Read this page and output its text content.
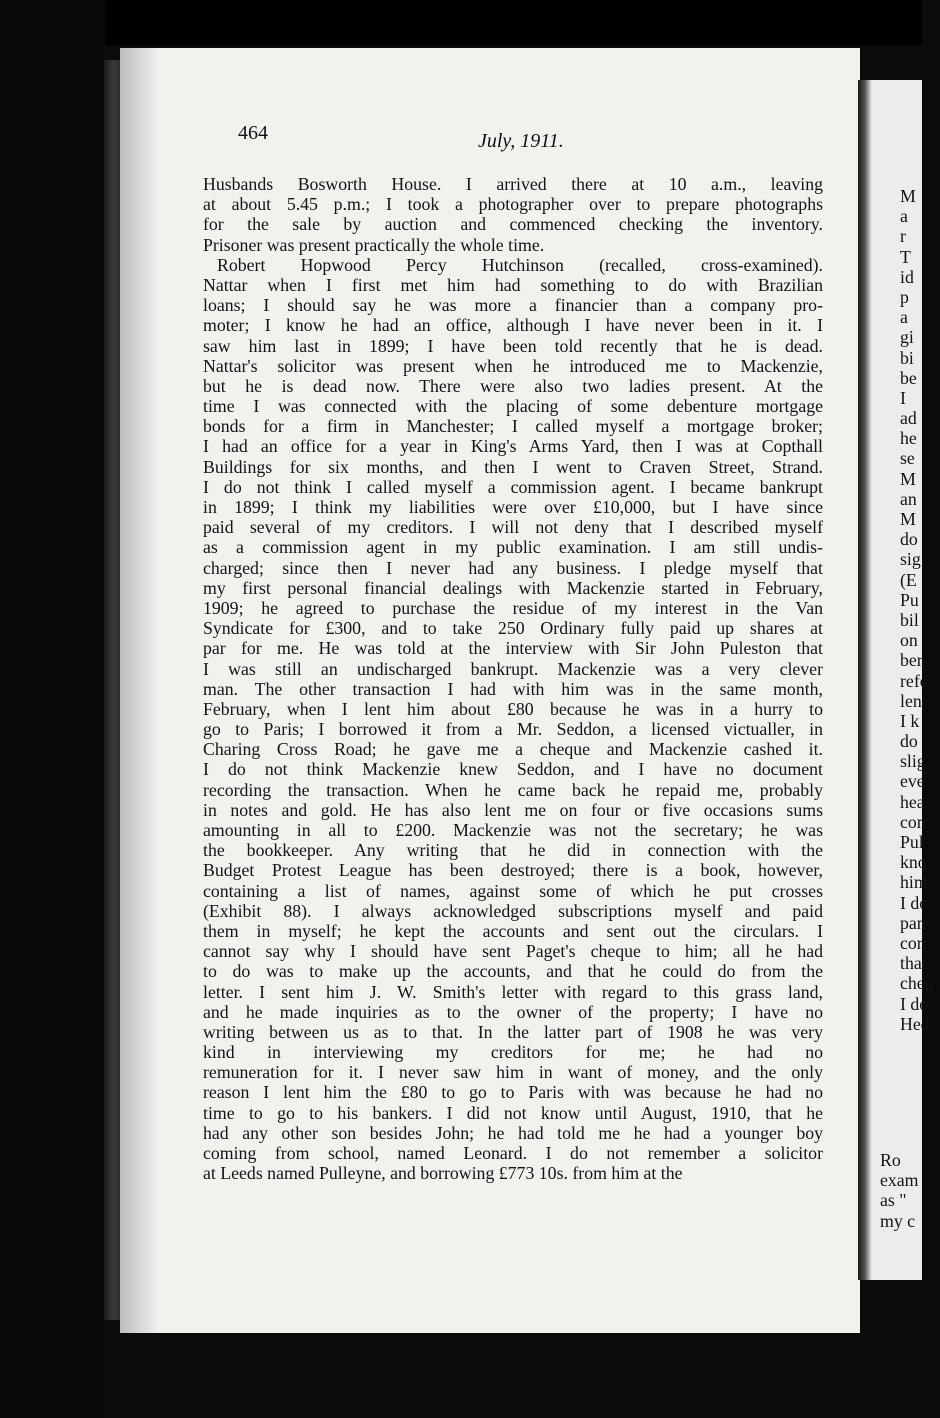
464	July, 1911.
Husbands Bosworth House. I arrived there at 10 a.m., leaving
at about 5.45 p.m.; I took a photographer over to prepare photographs
for the sale by auction and commenced checking the inventory.
Prisoner was present practically the whole time.
Robert Hopwood Percy Hutchinson (recalled, cross-examined).
Nattar when I first met him had something to do with Brazilian
loans; I should say he was more a financier than a company pro-
moter; I know he had an office, although I have never been in it. I
saw him last in 1899; I have been told recently that he is dead.
Nattar's solicitor was present when he introduced me to Mackenzie,
but he is dead now. There were also two ladies present. At the
time I was connected with the placing of some debenture mortgage
bonds for a firm in Manchester; I called myself a mortgage broker;
I had an office for a year in King's Arms Yard, then I was at Copthall
Buildings for six months, and then I went to Craven Street, Strand.
I do not think I called myself a commission agent. I became bankrupt
in 1899; I think my liabilities were over £10,000, but I have since
paid several of my creditors. I will not deny that I described myself
as a commission agent in my public examination. I am still undis-
charged; since then I never had any business. I pledge myself that
my first personal financial dealings with Mackenzie started in February,
1909; he agreed to purchase the residue of my interest in the Van
Syndicate for £300, and to take 250 Ordinary fully paid up shares at
par for me. He was told at the interview with Sir John Puleston that
I was still an undischarged bankrupt. Mackenzie was a very clever
man. The other transaction I had with him was in the same month,
February, when I lent him about £80 because he was in a hurry to
go to Paris; I borrowed it from a Mr. Seddon, a licensed victualler, in
Charing Cross Road; he gave me a cheque and Mackenzie cashed it.
I do not think Mackenzie knew Seddon, and I have no document
recording the transaction. When he came back he repaid me, probably
in notes and gold. He has also lent me on four or five occasions sums
amounting in all to £200. Mackenzie was not the secretary; he was
the bookkeeper. Any writing that he did in connection with the
Budget Protest League has been destroyed; there is a book, however,
containing a list of names, against some of which he put crosses
(Exhibit 88). I always acknowledged subscriptions myself and paid
them in myself; he kept the accounts and sent out the circulars. I
cannot say why I should have sent Paget's cheque to him; all he had
to do was to make up the accounts, and that he could do from the
letter. I sent him J. W. Smith's letter with regard to this grass land,
and he made inquiries as to the owner of the property; I have no
writing between us as to that. In the latter part of 1908 he was very
kind in interviewing my creditors for me; he had no
remuneration for it. I never saw him in want of money, and the only
reason I lent him the £80 to go to Paris with was because he had no
time to go to his bankers. I did not know until August, 1910, that he
had any other son besides John; he had told me he had a younger boy
coming from school, named Leonard. I do not remember a solicitor
at Leeds named Pulleyne, and borrowing £773 10s. from him at the
M
a
r
T
id
p
a
gi
bi
be
I
ad
he
se
M
an
M
do
sig
(E
Pu
bil
on
ber
refe
len
I k
do
slig
eve
hea
com
Pul
kno
him
I do
pan
corr
that
cheq
I do
Hed
Ro
exam
as "
my c
